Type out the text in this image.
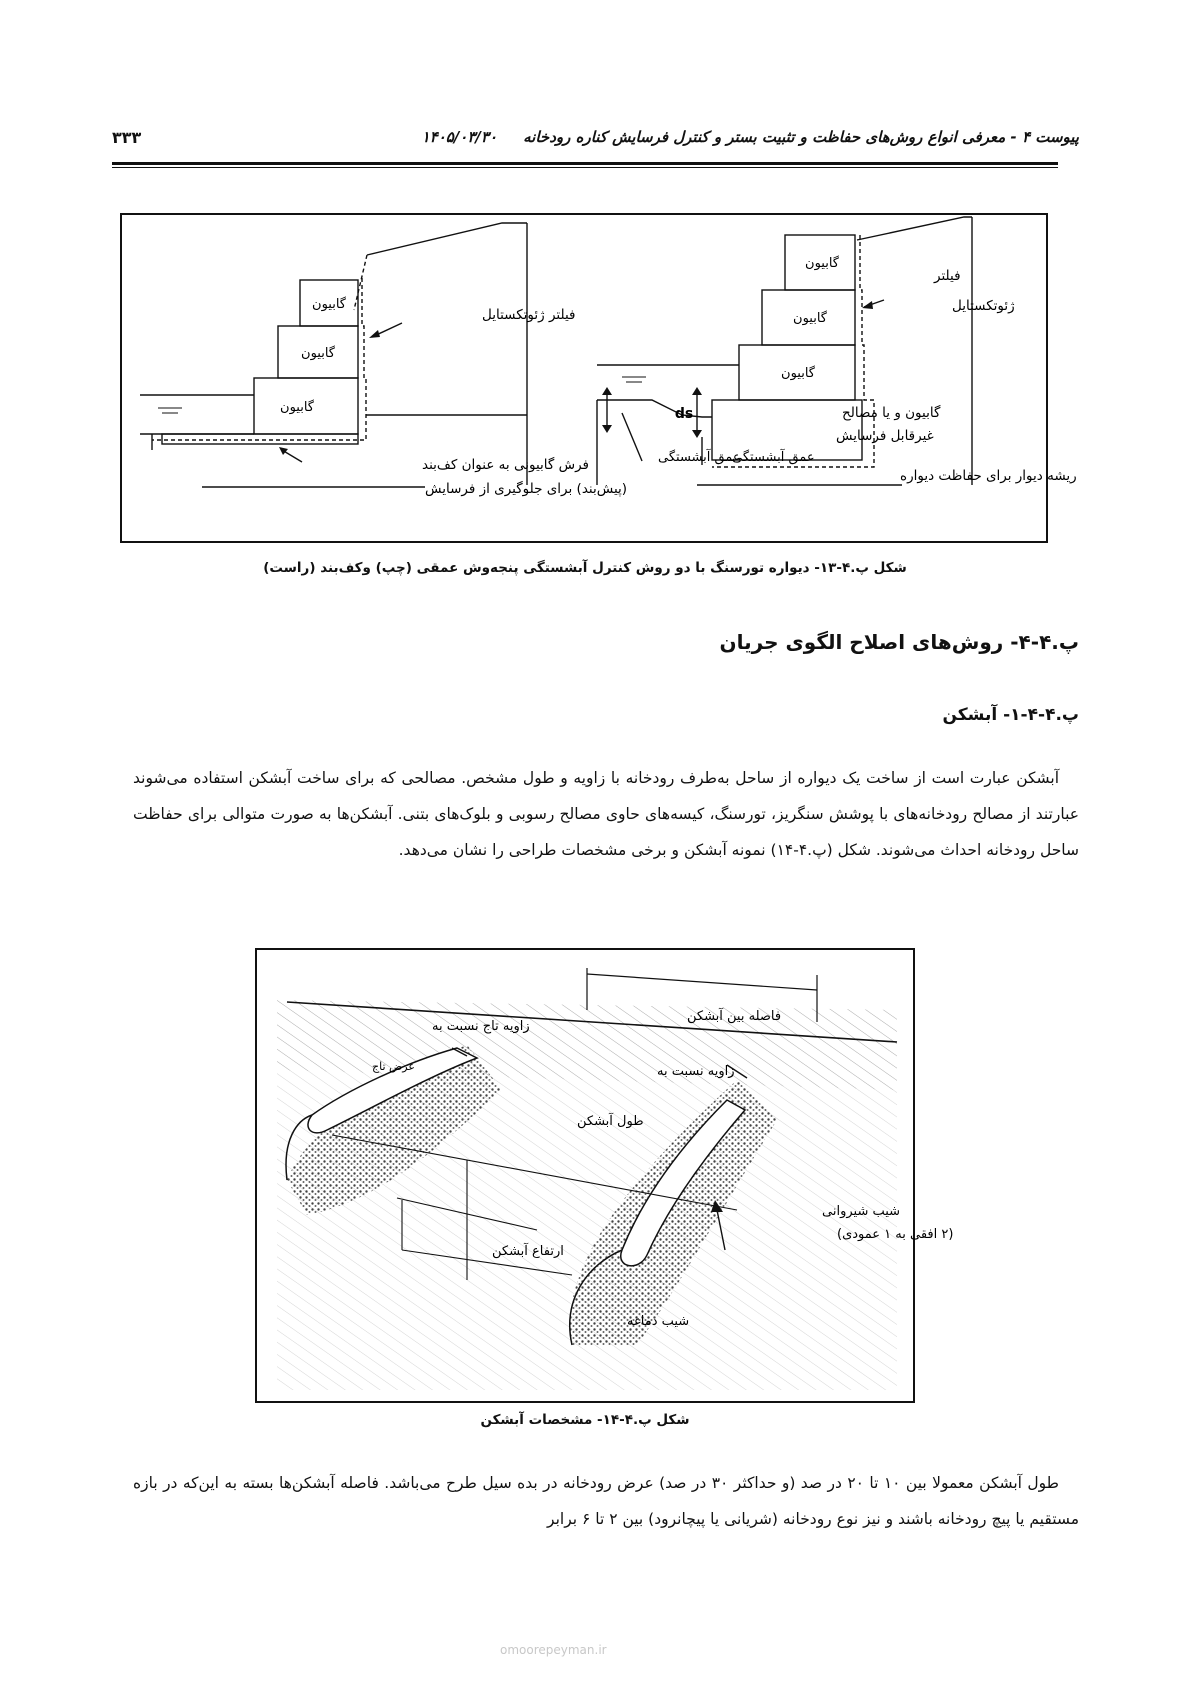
پیوست ۴ - معرفی انواع روش‌های حفاظت و تثبیت بستر و کنترل فرسایش کناره رودخانه     ۱۴۰۵/۰۳/۳۰
۳۳۳
گابیون
گابیون
گابیون
فیلتر ژئوتکستایل
فرش گابیونی به عنوان کف‌بند
(پیش‌بند) برای جلوگیری از فرسایش
گابیون
گابیون
گابیون
فیلتر
ژئوتکستایل
گابیون و یا مصالح
غیرقابل فرسایش
ds
عمق آبشستگی
عمق آبشستگی
ریشه دیوار برای حفاظت دیواره
شکل پ.۴-۱۳- دیواره تورسنگ با دو روش کنترل آبشستگی پنجه‌وش عمقی (چپ) وکف‌بند (راست)
پ.۴-۴- روش‌های اصلاح الگوی جریان
پ.۴-۴-۱- آبشکن
آبشکن عبارت است از ساخت یک دیواره از ساحل به‌طرف رودخانه با زاویه و طول مشخص. مصالحی که برای ساخت آبشکن استفاده می‌شوند عبارتند از مصالح رودخانه‌های با پوشش سنگریز، تورسنگ، کیسه‌های حاوی مصالح رسوبی و بلوک‌های بتنی. آبشکن‌ها به صورت متوالی برای حفاظت ساحل رودخانه احداث می‌شوند. شکل (پ.۴-۱۴) نمونه آبشکن و برخی مشخصات طراحی را نشان می‌دهد.
فاصله بین آبشکن
زاویه تاج نسبت به
عرض تاج	زاویه نسبت به
طول آبشکن
شیب شیروانی
(۲ افقی به ۱ عمودی)
ارتفاع آبشکن
شیب دماغه
شکل پ.۴-۱۴- مشخصات آبشکن
طول آبشکن معمولا بین ۱۰ تا ۲۰ در صد (و حداکثر ۳۰ در صد) عرض رودخانه در بده سیل طرح می‌باشد. فاصله آبشکن‌ها بسته به این‌که در بازه مستقیم یا پیچ رودخانه باشند و نیز نوع رودخانه (شریانی یا پیچانرود) بین ۲ تا ۶ برابر
omoorepeyman.ir
